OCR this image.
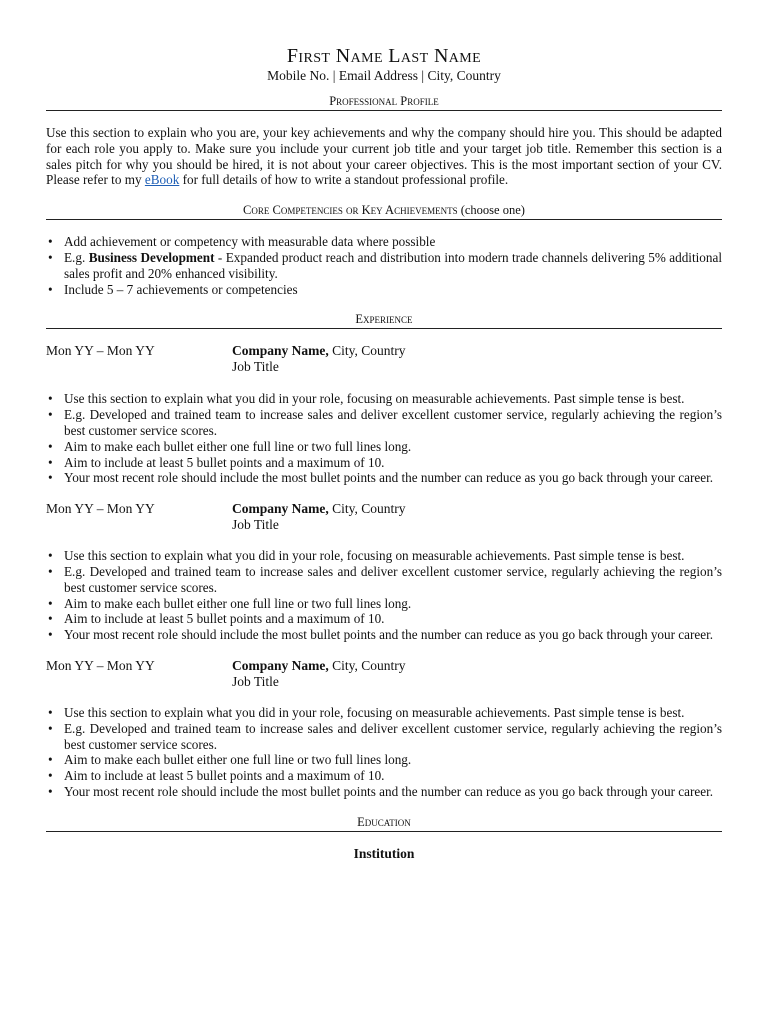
First Name Last Name
Mobile No. | Email Address | City, Country
Professional Profile

Use this section to explain who you are, your key achievements and why the company should hire you. This should be adapted for each role you apply to. Make sure you include your current job title and your target job title. Remember this section is a sales pitch for why you should be hired, it is not about your career objectives. This is the most important section of your CV. Please refer to my eBook for full details of how to write a standout professional profile.

Core Competencies or Key Achievements (choose one)
• Add achievement or competency with measurable data where possible
• E.g. Business Development - Expanded product reach and distribution into modern trade channels delivering 5% additional sales profit and 20% enhanced visibility.
• Include 5 – 7 achievements or competencies
Experience
Mon YY – Mon YY	Company Name, City, Country
Job Title
• Use this section to explain what you did in your role, focusing on measurable achievements. Past simple tense is best.
• E.g. Developed and trained team to increase sales and deliver excellent customer service, regularly achieving the region’s best customer service scores.
• Aim to make each bullet either one full line or two full lines long.
• Aim to include at least 5 bullet points and a maximum of 10.
• Your most recent role should include the most bullet points and the number can reduce as you go back through your career.
Mon YY – Mon YY	Company Name, City, Country
Job Title
• Use this section to explain what you did in your role, focusing on measurable achievements. Past simple tense is best.
• E.g. Developed and trained team to increase sales and deliver excellent customer service, regularly achieving the region’s best customer service scores.
• Aim to make each bullet either one full line or two full lines long.
• Aim to include at least 5 bullet points and a maximum of 10.
• Your most recent role should include the most bullet points and the number can reduce as you go back through your career.
Mon YY – Mon YY	Company Name, City, Country
Job Title
• Use this section to explain what you did in your role, focusing on measurable achievements. Past simple tense is best.
• E.g. Developed and trained team to increase sales and deliver excellent customer service, regularly achieving the region’s best customer service scores.
• Aim to make each bullet either one full line or two full lines long.
• Aim to include at least 5 bullet points and a maximum of 10.
• Your most recent role should include the most bullet points and the number can reduce as you go back through your career.
Education
Institution
